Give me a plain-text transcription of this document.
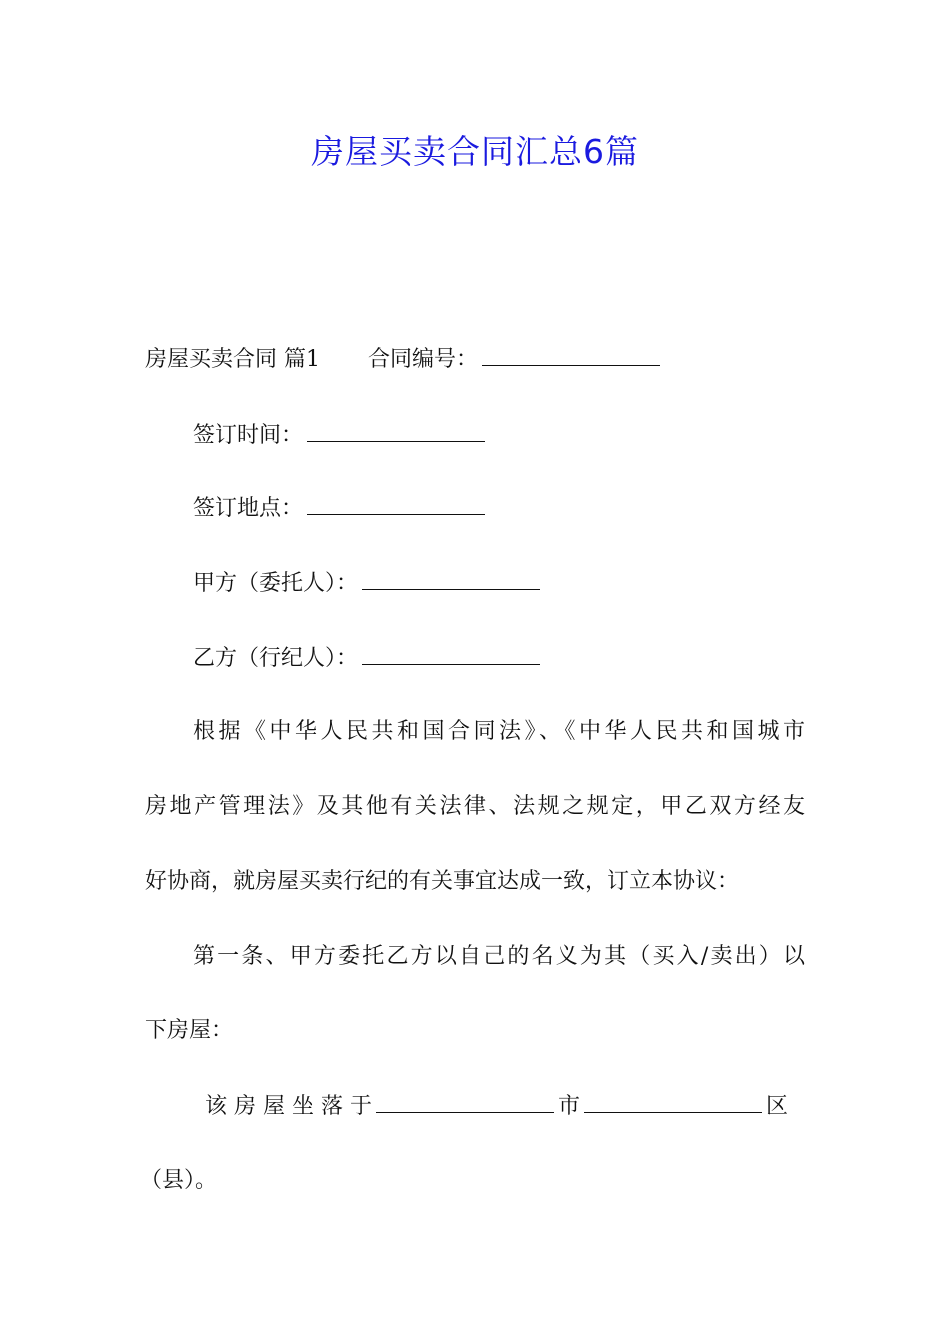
房屋买卖合同汇总6篇
房屋买卖合同 篇1 合同编号：
签订时间：
签订地点：
甲方（委托人）：
乙方（行纪人）：
根据《中华人民共和国合同法》、《中华人民共和国城市
房地产管理法》及其他有关法律、法规之规定，甲乙双方经友
好协商，就房屋买卖行纪的有关事宜达成一致，订立本协议：
第一条、甲方委托乙方以自己的名义为其（买入/卖出）以
下房屋：
该 房 屋 坐 落 于	市	区
（县）。
